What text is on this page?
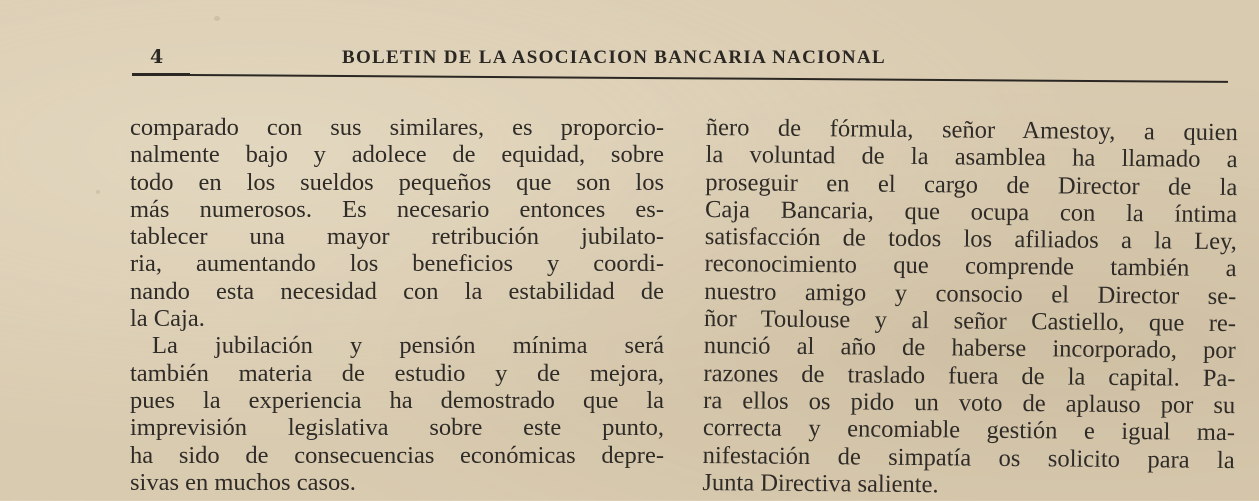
4	BOLETIN DE LA ASOCIACION BANCARIA NACIONAL
comparado con sus similares, es proporcio-
nalmente bajo y adolece de equidad, sobre
todo en los sueldos pequeños que son los
más numerosos. Es necesario entonces es-
tablecer una mayor retribución jubilato-
ria, aumentando los beneficios y coordi-
nando esta necesidad con la estabilidad de
la Caja.
La jubilación y pensión mínima será
también materia de estudio y de mejora,
pues la experiencia ha demostrado que la
imprevisión legislativa sobre este punto,
ha sido de consecuencias económicas depre-
sivas en muchos casos.
ñero de fórmula, señor Amestoy, a quien
la voluntad de la asamblea ha llamado a
proseguir en el cargo de Director de la
Caja Bancaria, que ocupa con la íntima
satisfacción de todos los afiliados a la Ley,
reconocimiento que comprende también a
nuestro amigo y consocio el Director se-
ñor Toulouse y al señor Castiello, que re-
nunció al año de haberse incorporado, por
razones de traslado fuera de la capital. Pa-
ra ellos os pido un voto de aplauso por su
correcta y encomiable gestión e igual ma-
nifestación de simpatía os solicito para la
Junta Directiva saliente.
